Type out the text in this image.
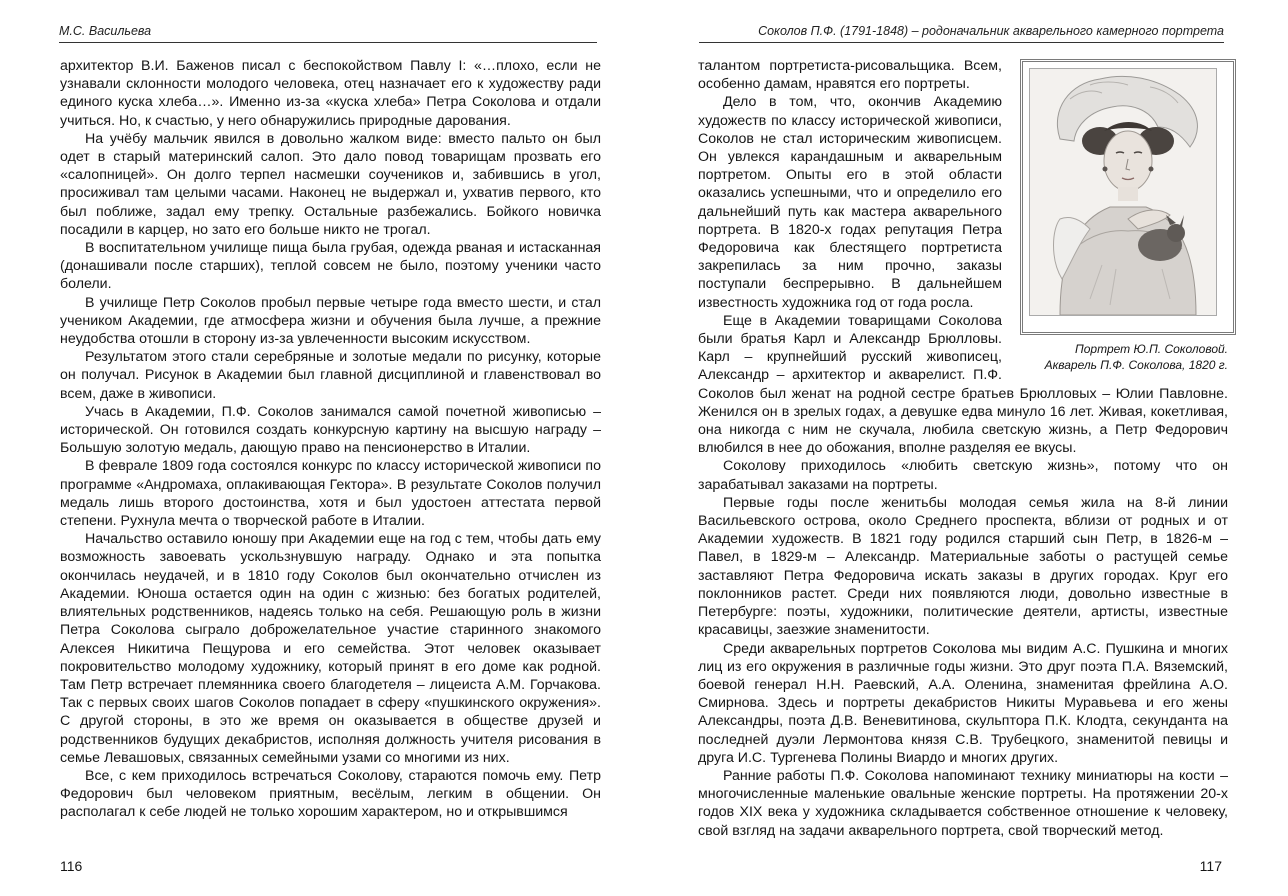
М.С. Васильева

архитектор В.И. Баженов писал с беспокойством Павлу I: «…плохо, если не узнавали склонности молодого человека, отец назначает его к художеству ради единого куска хлеба…». Именно из-за «куска хлеба» Петра Соколова и отдали учиться. Но, к счастью, у него обнаружились природные дарования.

На учёбу мальчик явился в довольно жалком виде: вместо пальто он был одет в старый материнский салоп. Это дало повод товарищам прозвать его «салопницей». Он долго терпел насмешки соучеников и, забившись в угол, просиживал там целыми часами. Наконец не выдержал и, ухватив первого, кто был поближе, задал ему трепку. Остальные разбежались. Бойкого новичка посадили в карцер, но зато его больше никто не трогал.

В воспитательном училище пища была грубая, одежда рваная и истасканная (донашивали после старших), теплой совсем не было, поэтому ученики часто болели.

В училище Петр Соколов пробыл первые четыре года вместо шести, и стал учеником Академии, где атмосфера жизни и обучения была лучше, а прежние неудобства отошли в сторону из-за увлеченности высоким искусством.

Результатом этого стали серебряные и золотые медали по рисунку, которые он получал. Рисунок в Академии был главной дисциплиной и главенствовал во всем, даже в живописи.

Учась в Академии, П.Ф. Соколов занимался самой почетной живописью – исторической. Он готовился создать конкурсную картину на высшую награду – Большую золотую медаль, дающую право на пенсионерство в Италии.

В феврале 1809 года состоялся конкурс по классу исторической живописи по программе «Андромаха, оплакивающая Гектора». В результате Соколов получил медаль лишь второго достоинства, хотя и был удостоен аттестата первой степени. Рухнула мечта о творческой работе в Италии.

Начальство оставило юношу при Академии еще на год с тем, чтобы дать ему возможность завоевать ускользнувшую награду. Однако и эта попытка окончилась неудачей, и в 1810 году Соколов был окончательно отчислен из Академии. Юноша остается один на один с жизнью: без богатых родителей, влиятельных родственников, надеясь только на себя. Решающую роль в жизни Петра Соколова сыграло доброжелательное участие старинного знакомого Алексея Никитича Пещурова и его семейства. Этот человек оказывает покровительство молодому художнику, который принят в его доме как родной. Там Петр встречает племянника своего благодетеля – лицеиста А.М. Горчакова. Так с первых своих шагов Соколов попадает в сферу «пушкинского окружения». С другой стороны, в это же время он оказывается в обществе друзей и родственников будущих декабристов, исполняя должность учителя рисования в семье Левашовых, связанных семейными узами со многими из них.

Все, с кем приходилось встречаться Соколову, стараются помочь ему. Петр Федорович был человеком приятным, весёлым, легким в общении. Он располагал к себе людей не только хорошим характером, но и открывшимся

116
Соколов П.Ф. (1791-1848) – родоначальник акварельного камерного портрета
Портрет Ю.П. Соколовой.
Акварель П.Ф. Соколова, 1820 г.

талантом портретиста-рисовальщика. Всем, особенно дамам, нравятся его портреты.

Дело в том, что, окончив Академию художеств по классу исторической живописи, Соколов не стал историческим живописцем. Он увлекся карандашным и акварельным портретом. Опыты его в этой области оказались успешными, что и определило его дальнейший путь как мастера акварельного портрета. В 1820-х годах репутация Петра Федоровича как блестящего портретиста закрепилась за ним прочно, заказы поступали беспрерывно. В дальнейшем известность художника год от года росла.

Еще в Академии товарищами Соколова были братья Карл и Александр Брюлловы. Карл – крупнейший русский живописец, Александр – архитектор и акварелист. П.Ф. Соколов был женат на родной сестре братьев Брюлловых – Юлии Павловне. Женился он в зрелых годах, а девушке едва минуло 16 лет. Живая, кокетливая, она никогда с ним не скучала, любила светскую жизнь, а Петр Федорович влюбился в нее до обожания, вполне разделяя ее вкусы.

Соколову приходилось «любить светскую жизнь», потому что он зарабатывал заказами на портреты.

Первые годы после женитьбы молодая семья жила на 8-й линии Васильевского острова, около Среднего проспекта, вблизи от родных и от Академии художеств. В 1821 году родился старший сын Петр, в 1826-м – Павел, в 1829-м – Александр. Материальные заботы о растущей семье заставляют Петра Федоровича искать заказы в других городах. Круг его поклонников растет. Среди них появляются люди, довольно известные в Петербурге: поэты, художники, политические деятели, артисты, известные красавицы, заезжие знаменитости.

Среди акварельных портретов Соколова мы видим А.С. Пушкина и многих лиц из его окружения в различные годы жизни. Это друг поэта П.А. Вяземский, боевой генерал Н.Н. Раевский, А.А. Оленина, знаменитая фрейлина А.О. Смирнова. Здесь и портреты декабристов Никиты Муравьева и его жены Александры, поэта Д.В. Веневитинова, скульптора П.К. Клодта, секунданта на последней дуэли Лермонтова князя С.В. Трубецкого, знаменитой певицы и друга И.С. Тургенева Полины Виардо и многих других.

Ранние работы П.Ф. Соколова напоминают технику миниатюры на кости – многочисленные маленькие овальные женские портреты. На протяжении 20-х годов XIX века у художника складывается собственное отношение к человеку, свой взгляд на задачи акварельного портрета, свой творческий метод.

117
